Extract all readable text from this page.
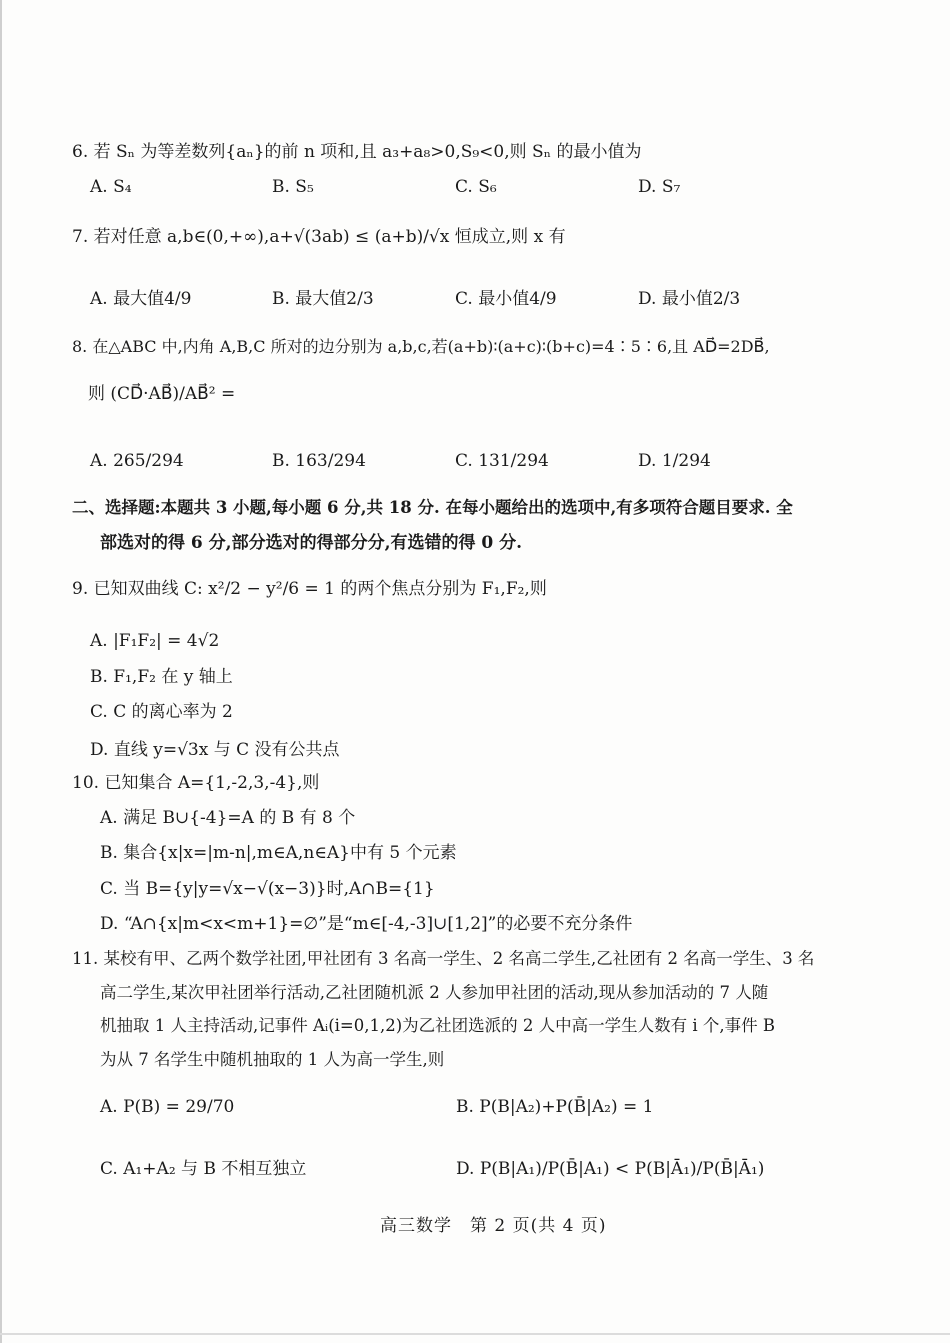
6. 若 Sₙ 为等差数列{aₙ}的前 n 项和,且 a₃+a₈>0,S₉<0,则 Sₙ 的最小值为
A. S₄	B. S₅	C. S₆	D. S₇
7. 若对任意 a,b∈(0,+∞),a+√(3ab) ≤ (a+b)/√x 恒成立,则 x 有
A. 最大值4/9	B. 最大值2/3	C. 最小值4/9	D. 最小值2/3
8. 在△ABC 中,内角 A,B,C 所对的边分别为 a,b,c,若(a+b)∶(a+c)∶(b+c)=4∶5∶6,且 AD⃗=2DB⃗,
则 (CD⃗·AB⃗)/AB⃗² =
A. 265/294	B. 163/294	C. 131/294	D. 1/294
二、选择题:本题共 3 小题,每小题 6 分,共 18 分. 在每小题给出的选项中,有多项符合题目要求. 全
部选对的得 6 分,部分选对的得部分分,有选错的得 0 分.
9. 已知双曲线 C: x²/2 − y²/6 = 1 的两个焦点分别为 F₁,F₂,则
A. |F₁F₂| = 4√2
B. F₁,F₂ 在 y 轴上
C. C 的离心率为 2
D. 直线 y=√3x 与 C 没有公共点
10. 已知集合 A={1,-2,3,-4},则
A. 满足 B∪{-4}=A 的 B 有 8 个
B. 集合{x|x=|m-n|,m∈A,n∈A}中有 5 个元素
C. 当 B={y|y=√x−√(x−3)}时,A∩B={1}
D. “A∩{x|m<x<m+1}=∅”是“m∈[-4,-3]∪[1,2]”的必要不充分条件
11. 某校有甲、乙两个数学社团,甲社团有 3 名高一学生、2 名高二学生,乙社团有 2 名高一学生、3 名
高二学生,某次甲社团举行活动,乙社团随机派 2 人参加甲社团的活动,现从参加活动的 7 人随
机抽取 1 人主持活动,记事件 Aᵢ(i=0,1,2)为乙社团选派的 2 人中高一学生人数有 i 个,事件 B
为从 7 名学生中随机抽取的 1 人为高一学生,则
A. P(B) = 29/70	B. P(B|A₂)+P(B̄|A₂) = 1
C. A₁+A₂ 与 B 不相互独立	D. P(B|A₁)/P(B̄|A₁) < P(B|Ā₁)/P(B̄|Ā₁)
高三数学　第 2 页(共 4 页)
